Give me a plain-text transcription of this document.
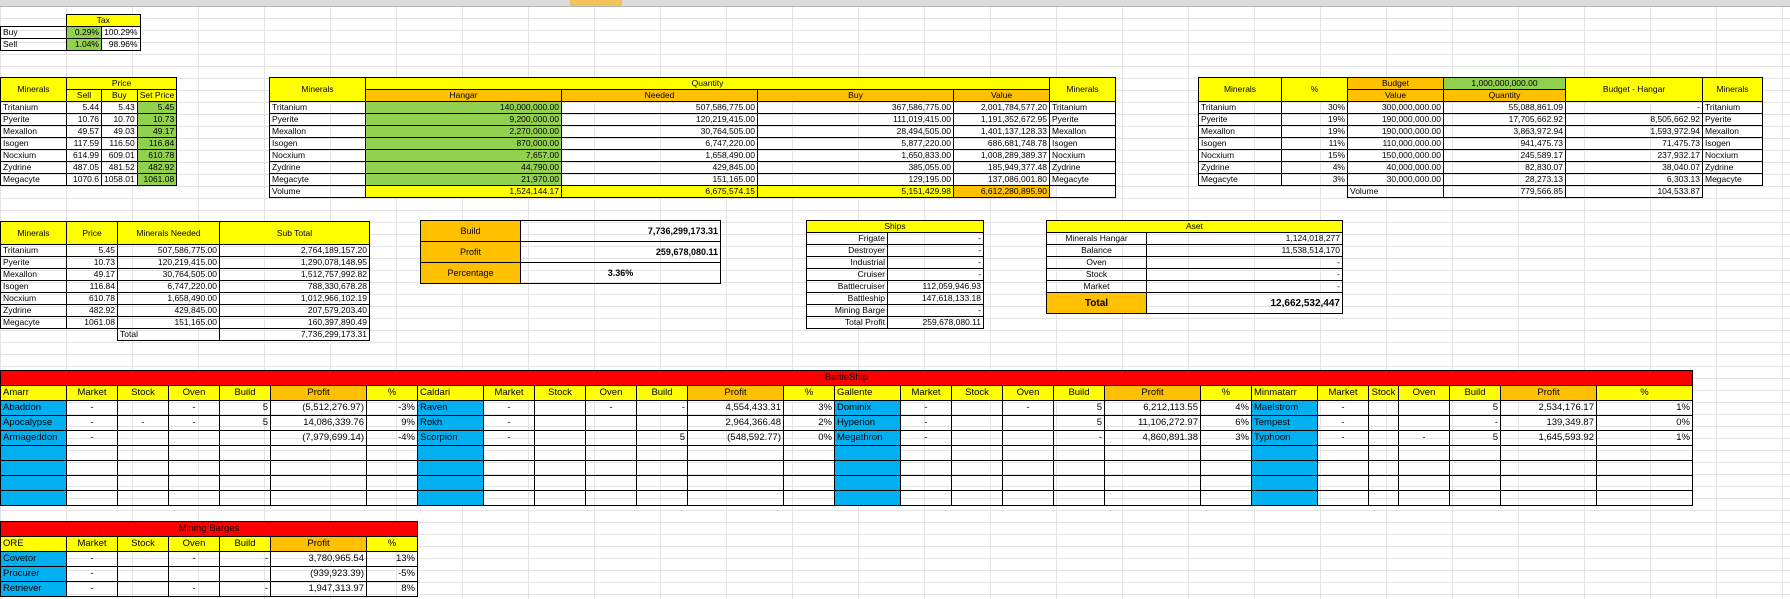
	Tax	
Buy	0.29%	100.29%
Sell	1.04%	98.96%
Minerals	Price		
	Sell	Buy	Set Price
Tritanium	5.44	5.43	5.45
Pyerite	10.76	10.70	10.73
Mexallon	49.57	49.03	49.17
Isogen	117.59	116.50	116.84
Nocxium	614.99	609.01	610.78
Zydrine	487.05	481.52	482.92
Megacyte	1070.6	1058.01	1061.08
Minerals	Quantity				Minerals
	Hangar	Needed	Buy	Value	
Tritanium	140,000,000.00	507,586,775.00	367,586,775.00	2,001,784,577.20	Tritanium
Pyerite	9,200,000.00	120,219,415.00	111,019,415.00	1,191,352,672.95	Pyerite
Mexallon	2,270,000.00	30,764,505.00	28,494,505.00	1,401,137,128.33	Mexallon
Isogen	870,000.00	6,747,220.00	5,877,220.00	686,681,748.78	Isogen
Nocxium	7,657.00	1,658,490.00	1,650,833.00	1,008,289,389.37	Nocxium
Zydrine	44,790.00	429,845.00	385,055.00	185,949,377.48	Zydrine
Megacyte	21,970.00	151,165.00	129,195.00	137,086,001.80	Megacyte
Volume	1,524,144.17	6,675,574.15	5,151,429.98	6,612,280,895.90	
Minerals	%	Budget	1,000,000,000.00	Budget - Hangar	Minerals
		Value	Quantity		
Tritanium	30%	300,000,000.00	55,088,861.09	-	Tritanium
Pyerite	19%	190,000,000.00	17,705,662.92	8,505,662.92	Pyerite
Mexallon	19%	190,000,000.00	3,863,972.94	1,593,972.94	Mexallon
Isogen	11%	110,000,000.00	941,475.73	71,475.73	Isogen
Nocxium	15%	150,000,000.00	245,589.17	237,932.17	Nocxium
Zydrine	4%	40,000,000.00	82,830.07	38,040.07	Zydrine
Megacyte	3%	30,000,000.00	28,273.13	6,303.13	Megacyte
		Volume	779,566.85	104,533.87	
Minerals	Price	Minerals Needed	Sub Total
Tritanium	5.45	507,586,775.00	2,764,189,157.20
Pyerite	10.73	120,219,415.00	1,290,078,148.95
Mexallon	49.17	30,764,505.00	1,512,757,992.82
Isogen	116.84	6,747,220.00	788,330,678.28
Nocxium	610.78	1,658,490.00	1,012,966,102.19
Zydrine	482.92	429,845.00	207,579,203.40
Megacyte	1061.08	151,165.00	160,397,890.49
		Total	7,736,299,173.31
Build	7,736,299,173.31
Profit	259,678,080.11
Percentage	3.36%
Ships	
Frigate	-
Destroyer	-
Industrial	-
Cruiser	-
Battlecruiser	112,059,946.93
Battleship	147,618,133.18
Mining Barge	-
Total Profit	259,678,080.11
Aset	
Minerals Hangar	1,124,018,277
Balance	11,538,514,170
Oven	-
Stock	-
Market	-
Total	12,662,532,447
BattleShip																											
Amarr	Market	Stock	Oven	Build	Profit	%	Caldari	Market	Stock	Oven	Build	Profit	%	Gallente	Market	Stock	Oven	Build	Profit	%	Minmatarr	Market	Stock	Oven	Build	Profit	%
Abaddon	-		-	5	(5,512,276.97)	-3%	Raven	-		-	-	4,554,433.31	3%	Dominix	-		-	5	6,212,113.55	4%	Maelstrom	-			5	2,534,176.17	1%
Apocalypse	-	-	-	5	14,086,339.76	9%	Rokh	-				2,964,366.48	2%	Hyperion	-			5	11,106,272.97	6%	Tempest	-			-	139,349.87	0%
Armageddon	-				(7,979,699.14)	-4%	Scorpion	-			5	(548,592.77)	0%	Megathron	-			-	4,860,891.38	3%	Typhoon	-		-	5	1,645,593.92	1%

Mining Barges						
ORE	Market	Stock	Oven	Build	Profit	%
Covetor	-		-	-	3,780,965.54	13%
Procurer	-				(939,923.39)	-5%
Retriever	-		-	-	1,947,313.97	8%
